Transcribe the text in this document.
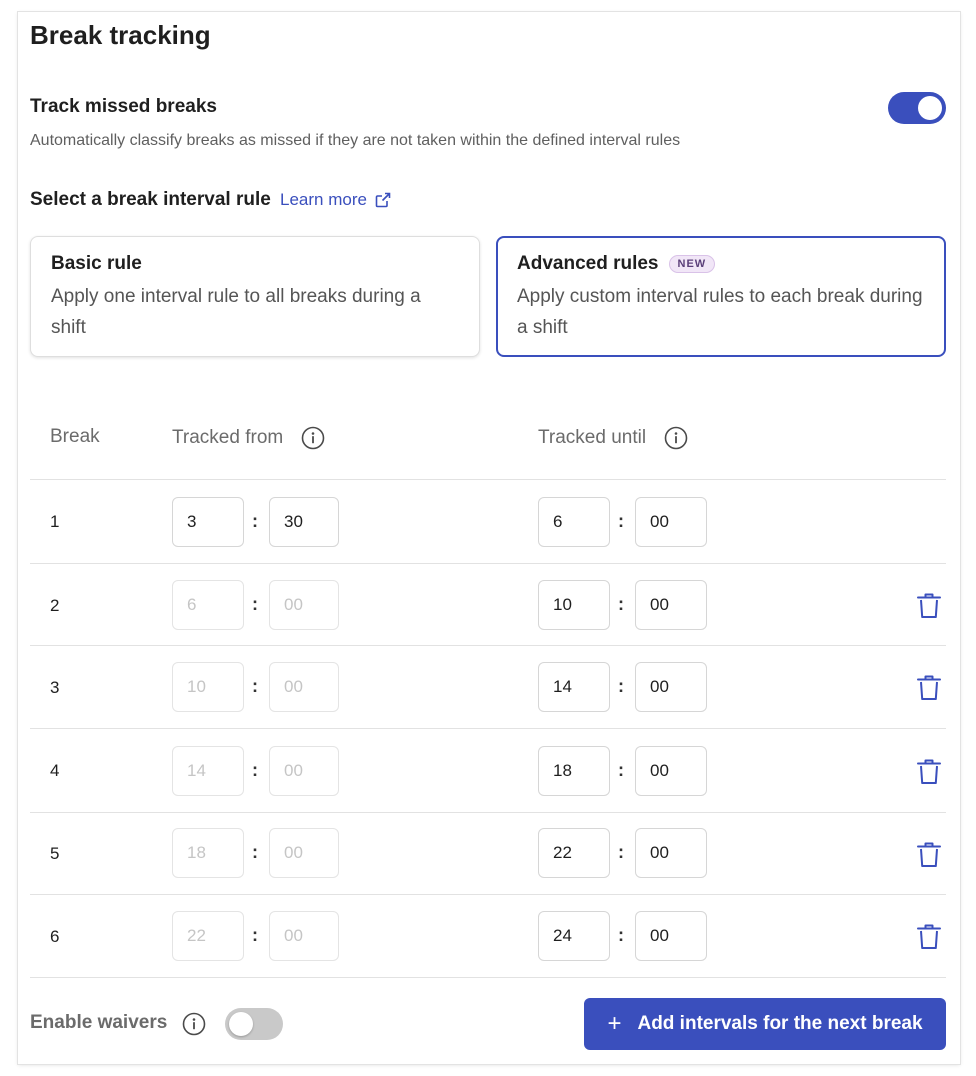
Break tracking
Track missed breaks
Automatically classify breaks as missed if they are not taken within the defined interval rules
Select a break interval rule Learn more
Basic rule
Apply one interval rule to all breaks during a shift
Advanced rules	NEW
Apply custom interval rules to each break during a shift
Break	Tracked from	Tracked until
1	3	:	30	6	:	00
2	6	:	00	10	:	00
3	10	:	00	14	:	00
4	14	:	00	18	:	00
5	18	:	00	22	:	00
6	22	:	00	24	:	00
Enable waivers	+ Add intervals for the next break
